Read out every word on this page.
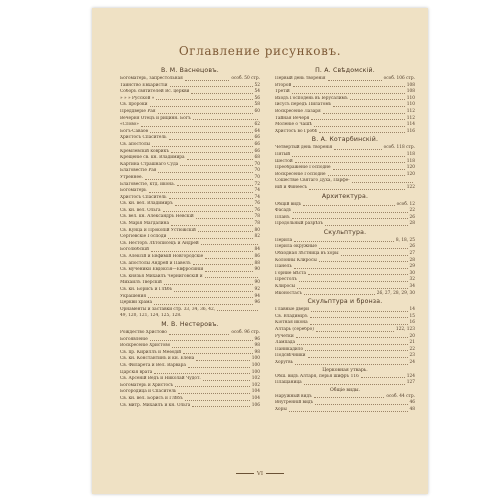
Оглавление рисунковъ.
В. М. Васнецовъ.
Богоматерь, запрестольная	особ. 50 стр.
Таинство Евхаристiи	52
Соборъ святителей Вс. церкви	54
» » » Русской »	56
Св. пророки	58
Преддверiе Рая	60
Вечерня Отецъ и рицинн. Богъ
«Слово»	62
Богъ-Саваоѳ	64
Христосъ Спаситель	66
Св. апостолы	66
Кремлевскій коврикъ	66
Крещенiе св. кн. Владимира	68
Картина Страшнаго Суда	70
Благовестiе Рая	70
Утреннее.	70
Благовестiе, ктд. икона.	72
Богоматерь	74
Христосъ Спаситель	74
Св. кн. вел. Владимиръ	76
Св. кн. вел. Ольга	76
Св. вел. кн. Александръ Невскiй	78
Св. Марія Магдалина	78
Св. Кунца и Прокопій Устюжскій	80
Сергiевскiе Господи	82
Св. Несторъ Лѣтописецъ и Андрей
Боголюбскій	84
Св. Алексiй и Евфимiй Новгородскіе	86
Св. апостолы Андрей и Павелъ	88
Св. мученики Евдоксiя—Евфросиніи	90
Св. князья Михаилъ Черниговскiй и
Михаилъ Тверскій	90
Св. кн. Борисъ и Глѣбъ	92
Украшения	94
Церкви храма	96
Орнаменты и заставки стр. 33, 34, 36, 42,
49, 120, 121, 124, 125, 128.
М. В. Нестеровъ.
Рождество Христово	особ. 96 стр.
Богоявленiе	96
Воскресенiе Христово	98
Св. пр. Кириллъ и Меѳодiй	98
Св. кн. Константинъ и кн. Елена	100
Св. Филарета и Вел. Варвара	100
Царскія врата	100
Св. Арсеній Ведъ и Николай Чудот.	102
Богоматерь и Христосъ	102
Богородица и Спаситель	104
Св. кн. вел. Борисъ и Глѣбъ	104
Св. митр. Михаилъ и кн. Ольга	106
П. А. Свѣдомскій.
Первый день творенія	особ. 106 стр.
Второй	108
Третій	108
Входъ Господень въ Iерусалимъ	110
Iисусъ передъ Пилатомъ	110
Воскресеніе Лазаря	112
Тайная Вечеря	112
Моленіе о Чашѣ	114
Христосъ во Гробѣ	116
В. А. Котарбинскій.
Четвертый день творенія	особ. 118 стр.
Пятый	118
Шестой	118
Преображеніе Господне	120
Воскресеніе Господне	120
Сошествіе Святаго Духа, Парфе-
ній и Финеесъ	122
Архитектура.
Общій видъ	особ. 12
Фасадъ	22
Планъ	26
Продольный разрѣзъ	28
Скульптура.
Перила	8, 18, 25
Перила окружные	26
Обходная лѣстница въ хоры	27
Колонны Клиросы	28
Панель	29
Горние мѣста	30
Престолъ	32
Клиросы	34
Иконостасъ	26, 27, 28, 29, 30
Скульптура и бронза.
Главные двери	14
Св. Владиміръ	15
Кіотная икона	16
Алтарь (серебро)	122, 123
Ручетки	20
Лампада	21
Паникадило	22
Подсвѣчники	23
Хоругвь	24
Церковная утварь.
Обш. видъ Алтаря, перья шифръ 116	124
Плащаница	127
Общіе виды.
Наружный видъ	особ. 44 стр.
Внутренній видъ	46
Хоры	48
VI
